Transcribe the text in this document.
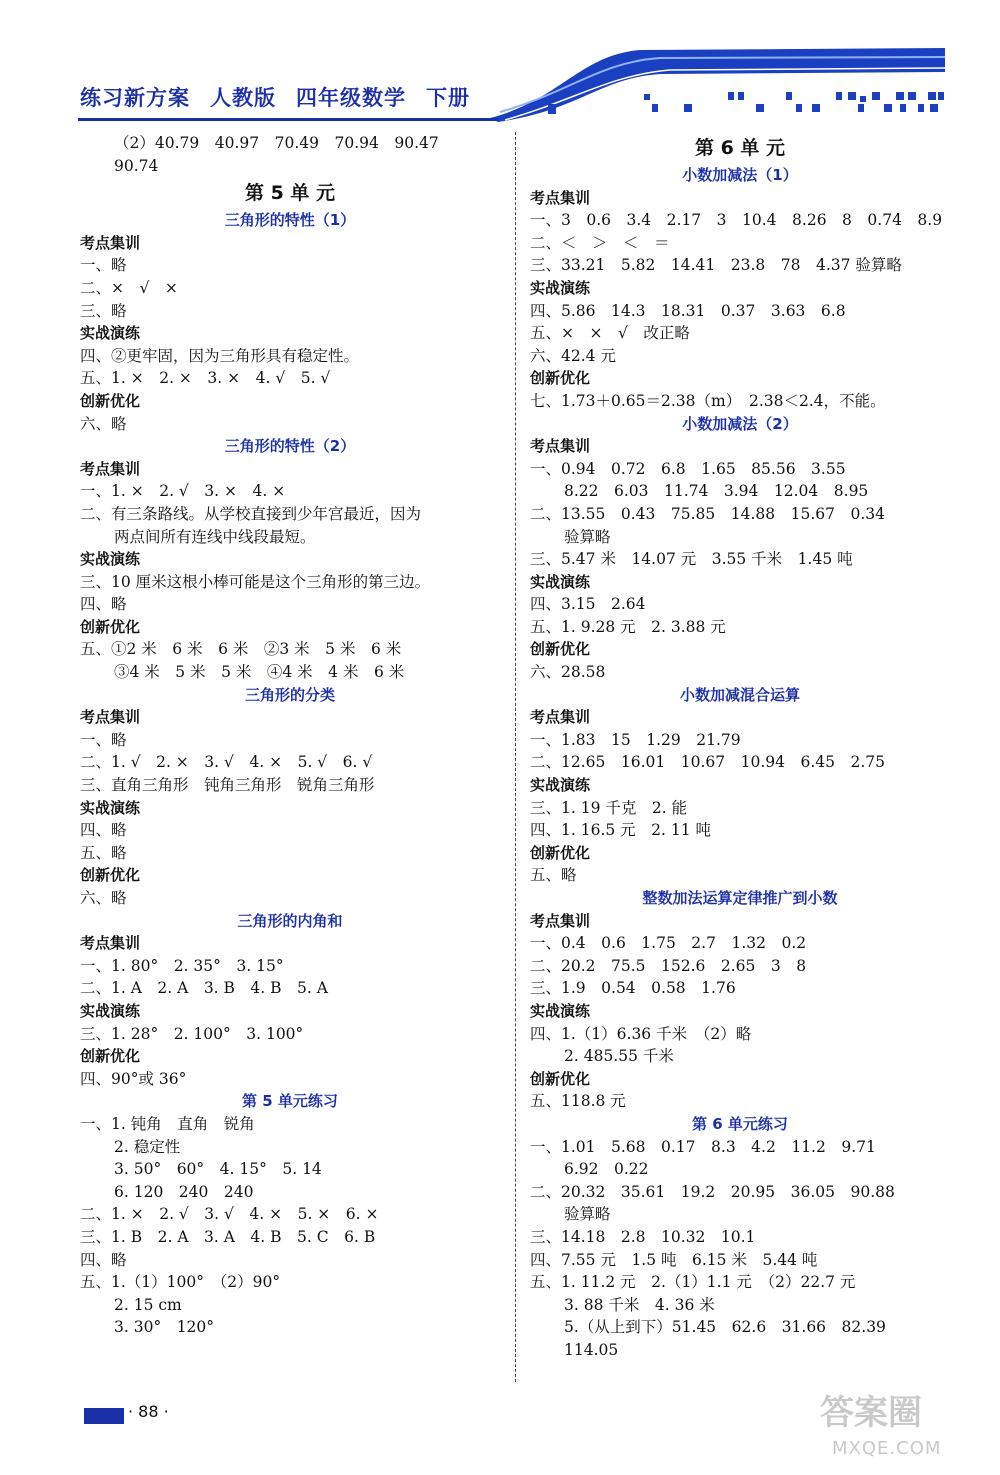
练习新方案 人教版 四年级数学 下册
（2）40.79　40.97　70.49　70.94　90.47
90.74
第 5 单 元
三角形的特性（1）
考点集训
一、略
二、×　√　×
三、略
实战演练
四、②更牢固，因为三角形具有稳定性。
五、1. ×　2. ×　3. ×　4. √　5. √
创新优化
六、略
三角形的特性（2）
考点集训
一、1. ×　2. √　3. ×　4. ×
二、有三条路线。从学校直接到少年宫最近，因为
两点间所有连线中线段最短。
实战演练
三、10 厘米这根小棒可能是这个三角形的第三边。
四、略
创新优化
五、①2 米　6 米　6 米　②3 米　5 米　6 米
③4 米　5 米　5 米　④4 米　4 米　6 米
三角形的分类
考点集训
一、略
二、1. √　2. ×　3. √　4. ×　5. √　6. √
三、直角三角形　钝角三角形　锐角三角形
实战演练
四、略
五、略
创新优化
六、略
三角形的内角和
考点集训
一、1. 80°　2. 35°　3. 15°
二、1. A　2. A　3. B　4. B　5. A
实战演练
三、1. 28°　2. 100°　3. 100°
创新优化
四、90°或 36°
第 5 单元练习
一、1. 钝角　直角　锐角
2. 稳定性
3. 50°　60°　4. 15°　5. 14
6. 120　240　240
二、1. ×　2. √　3. √　4. ×　5. ×　6. ×
三、1. B　2. A　3. A　4. B　5. C　6. B
四、略
五、1.（1）100°　（2）90°
2. 15 cm
3. 30°　120°
第 6 单 元
小数加减法（1）
考点集训
一、3　0.6　3.4　2.17　3　10.4　8.26　8　0.74　8.9
二、＜　＞　＜　＝
三、33.21　5.82　14.41　23.8　78　4.37 验算略
实战演练
四、5.86　14.3　18.31　0.37　3.63　6.8
五、×　×　√　改正略
六、42.4 元
创新优化
七、1.73＋0.65＝2.38（m）　2.38＜2.4，不能。
小数加减法（2）
考点集训
一、0.94　0.72　6.8　1.65　85.56　3.55
8.22　6.03　11.74　3.94　12.04　8.95
二、13.55　0.43　75.85　14.88　15.67　0.34
验算略
三、5.47 米　14.07 元　3.55 千米　1.45 吨
实战演练
四、3.15　2.64
五、1. 9.28 元　2. 3.88 元
创新优化
六、28.58
小数加减混合运算
考点集训
一、1.83　15　1.29　21.79
二、12.65　16.01　10.67　10.94　6.45　2.75
实战演练
三、1. 19 千克　2. 能
四、1. 16.5 元　2. 11 吨
创新优化
五、略
整数加法运算定律推广到小数
考点集训
一、0.4　0.6　1.75　2.7　1.32　0.2
二、20.2　75.5　152.6　2.65　3　8
三、1.9　0.54　0.58　1.76
实战演练
四、1.（1）6.36 千米　（2）略
2. 485.55 千米
创新优化
五、118.8 元
第 6 单元练习
一、1.01　5.68　0.17　8.3　4.2　11.2　9.71
6.92　0.22
二、20.32　35.61　19.2　20.95　36.05　90.88
验算略
三、14.18　2.8　10.32　10.1
四、7.55 元　1.5 吨　6.15 米　5.44 吨
五、1. 11.2 元　2.（1）1.1 元　（2）22.7 元
3. 88 千米　4. 36 米
5.（从上到下）51.45　62.6　31.66　82.39
114.05
· 88 ·	答案圈
MXQE.COM
